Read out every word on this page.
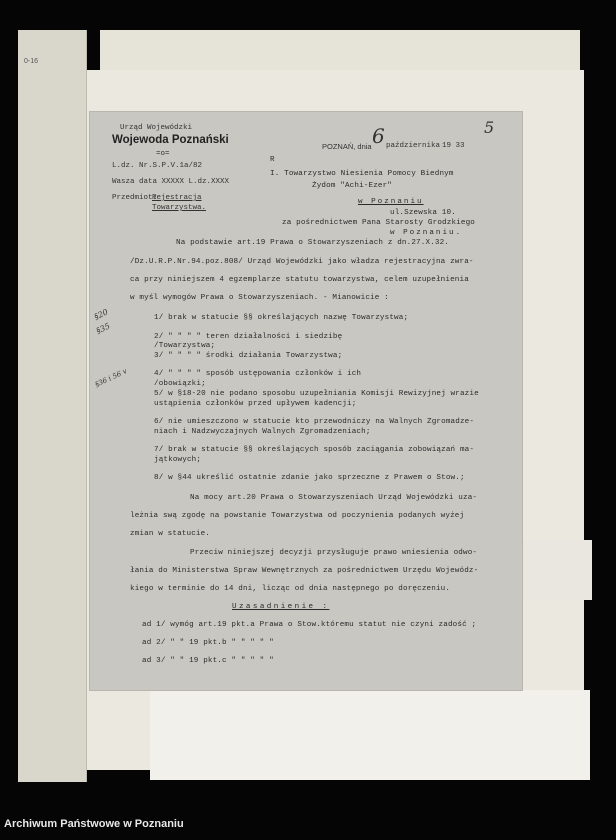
0-16
Urząd Wojewódzki
Wojewoda Poznański
=o=
L.dz. Nr.S.P.V.1a/82
Wasza data XXXXX L.dz.XXXX
Przedmiot:
Rejestracja
Towarzystwa.
POZNAŃ, dnia 6 października 19 33
5
R
I. Towarzystwo Niesienia Pomocy Biednym
Żydom "Achi-Ezer"
w Poznaniu
ul.Szewska 10.
za pośrednictwem Pana Starosty Grodzkiego
w Poznaniu.
Na podstawie art.19 Prawa o Stowarzyszeniach z dn.27.X.32.
/Dz.U.R.P.Nr.94.poz.808/ Urząd Wojewódzki jako władza rejestracyjna zwra-
ca przy niniejszem 4 egzemplarze statutu towarzystwa, celem uzupełnienia
w myśl wymogów Prawa o Stowarzyszeniach. - Mianowicie :
1/ brak w statucie §§ określających nazwę Towarzystwa;
2/ " " " " teren działalności i siedzibę
/Towarzystwa;
3/ " " " " środki działania Towarzystwa;
4/ " " " " sposób ustępowania członków i ich
/obowiązki;
5/ w §18-20 nie podano sposobu uzupełniania Komisji Rewizyjnej wrazie
ustąpienia członków przed upływem kadencji;
6/ nie umieszczono w statucie kto przewodniczy na Walnych Zgromadze-
niach i Nadzwyczajnych Walnych Zgromadzeniach;
7/ brak w statucie §§ określających sposób zaciągania zobowiązań ma-
jątkowych;
8/ w §44 ukreślić ostatnie zdanie jako sprzeczne z Prawem o Stow.;
Na mocy art.20 Prawa o Stowarzyszeniach Urząd Wojewódzki uza-
leżnia swą zgodę na powstanie Towarzystwa od poczynienia podanych wyżej
zmian w statucie.
Przeciw niniejszej decyzji przysługuje prawo wniesienia odwo-
łania do Ministerstwa Spraw Wewnętrznych za pośrednictwem Urzędu Wojewódz-
kiego w terminie do 14 dni, licząc od dnia następnego po doręczeniu.
Uzasadnienie :
ad 1/ wymóg art.19 pkt.a Prawa o Stow.któremu statut nie czyni zadość ;
ad 2/ " " 19 pkt.b " " " " "
ad 3/ " " 19 pkt.c " " " " "
§20
§35
§36 i 56 v
Archiwum Państwowe w Poznaniu
